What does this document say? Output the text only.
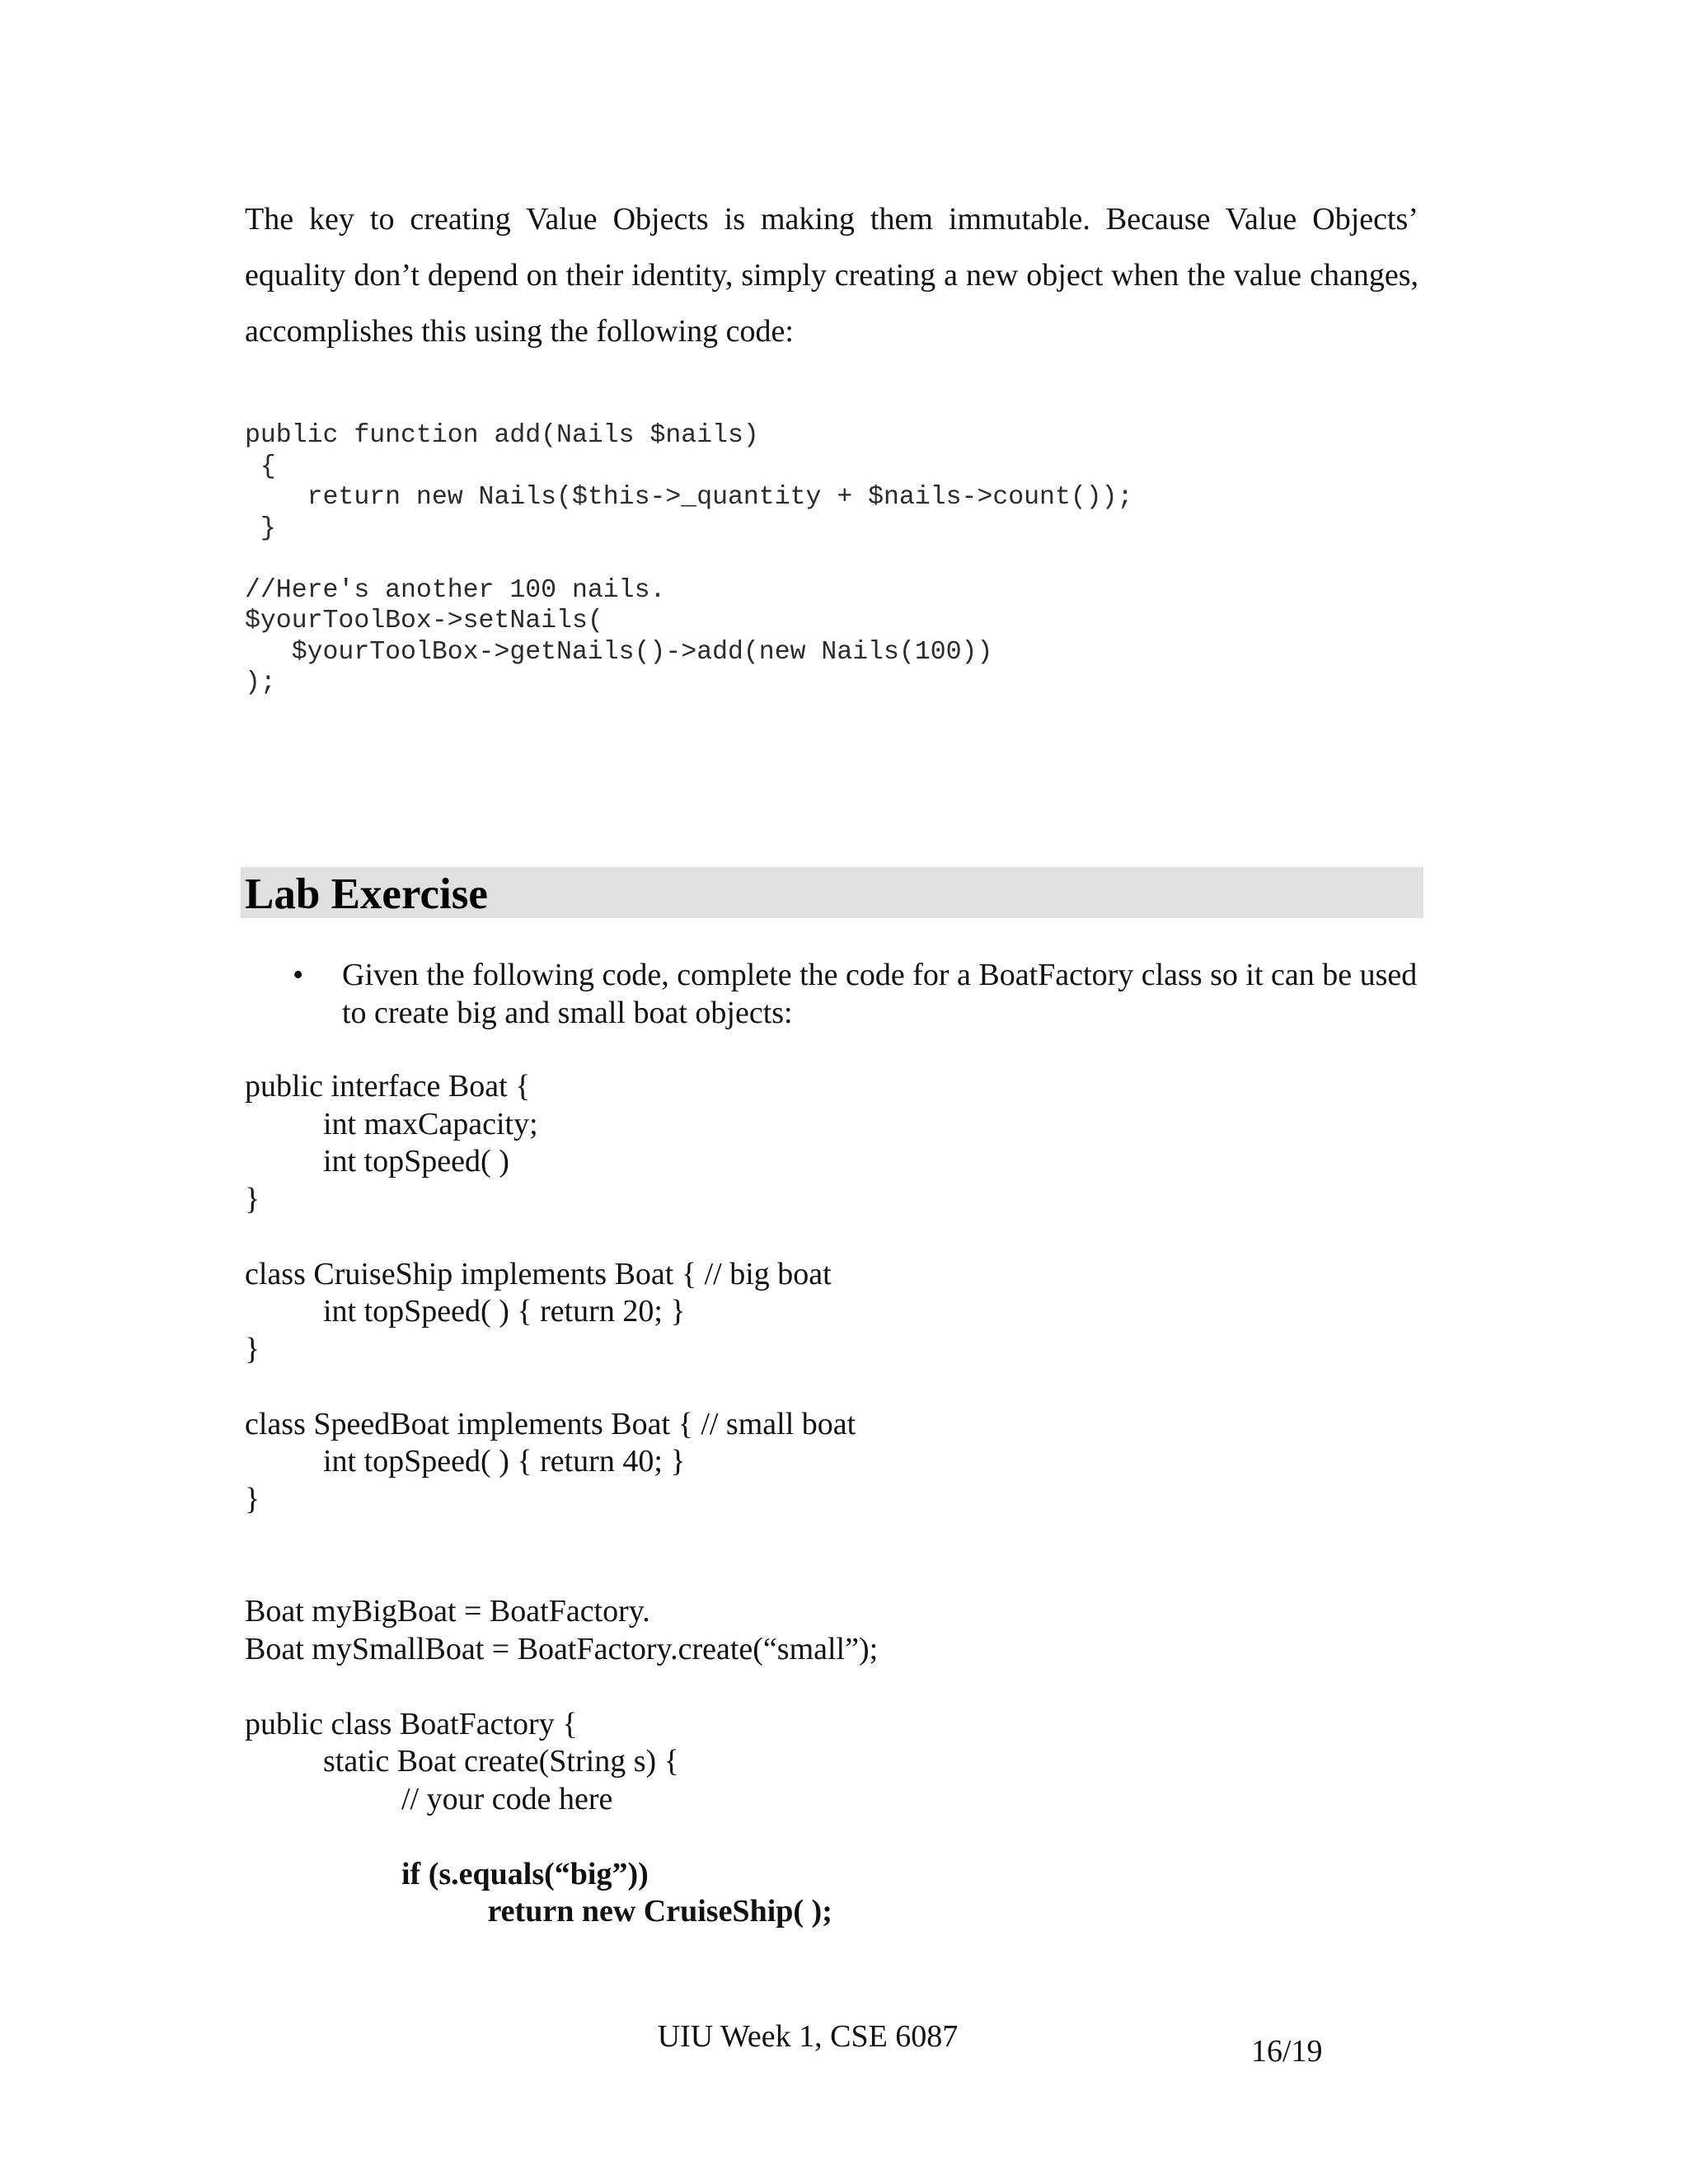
The key to creating Value Objects is making them immutable. Because Value Objects’ equality don’t depend on their identity, simply creating a new object when the value changes, accomplishes this using the following code:

public function add(Nails $nails)
{
return new Nails($this->_quantity + $nails->count());
}

//Here's another 100 nails.
$yourToolBox->setNails(
$yourToolBox->getNails()->add(new Nails(100))
);
Lab Exercise
• Given the following code, complete the code for a BoatFactory class so it can be used to create big and small boat objects:
public interface Boat {
int maxCapacity;
int topSpeed( )
}

class CruiseShip implements Boat { // big boat
int topSpeed( ) { return 20; }
}

class SpeedBoat implements Boat { // small boat
int topSpeed( ) { return 40; }
}

Boat myBigBoat = BoatFactory.
Boat mySmallBoat = BoatFactory.create(“small”);

public class BoatFactory {
static Boat create(String s) {
// your code here

if (s.equals(“big”))
return new CruiseShip( );
UIU Week 1, CSE 6087	16/19
